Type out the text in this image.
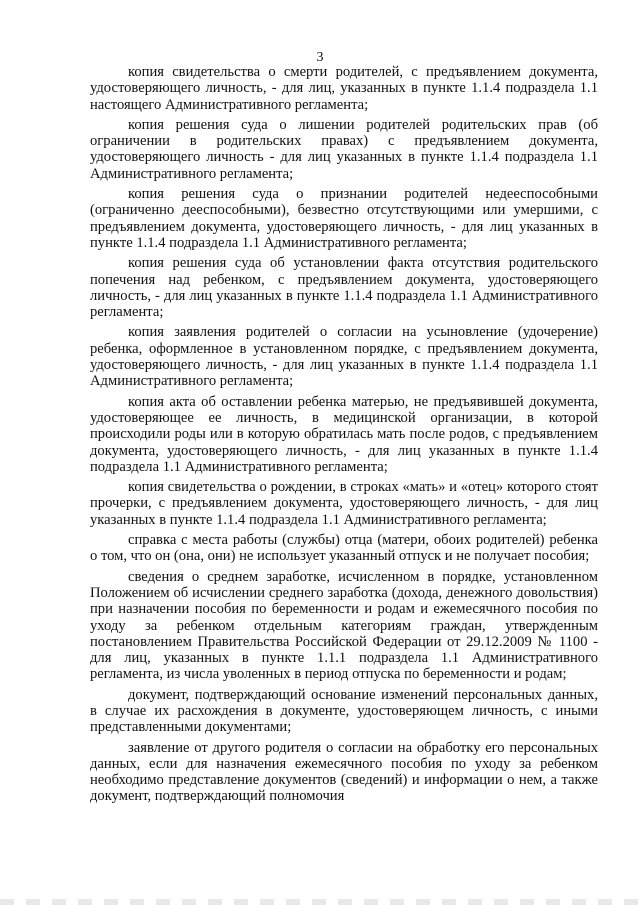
3

копия свидетельства о смерти родителей, с предъявлением документа, удостоверяющего личность, - для лиц, указанных в пункте 1.1.4 подраздела 1.1 настоящего Административного регламента;

копия решения суда о лишении родителей родительских прав (об ограничении в родительских правах) с предъявлением документа, удостоверяющего личность - для лиц указанных в пункте 1.1.4 подраздела 1.1 Административного регламента;

копия решения суда о признании родителей недееспособными (ограниченно дееспособными), безвестно отсутствующими или умершими, с предъявлением документа, удостоверяющего личность, - для лиц указанных в пункте 1.1.4 подраздела 1.1 Административного регламента;

копия решения суда об установлении факта отсутствия родительского попечения над ребенком, с предъявлением документа, удостоверяющего личность, - для лиц указанных в пункте 1.1.4 подраздела 1.1 Административного регламента;

копия заявления родителей о согласии на усыновление (удочерение) ребенка, оформленное в установленном порядке, с предъявлением документа, удостоверяющего личность, - для лиц указанных в пункте 1.1.4 подраздела 1.1 Административного регламента;

копия акта об оставлении ребенка матерью, не предъявившей документа, удостоверяющее ее личность, в медицинской организации, в которой происходили роды или в которую обратилась мать после родов, с предъявлением документа, удостоверяющего личность, - для лиц указанных в пункте 1.1.4 подраздела 1.1 Административного регламента;

копия свидетельства о рождении, в строках «мать» и «отец» которого стоят прочерки, с предъявлением документа, удостоверяющего личность, - для лиц указанных в пункте 1.1.4 подраздела 1.1 Административного регламента;

справка с места работы (службы) отца (матери, обоих родителей) ребенка о том, что он (она, они) не использует указанный отпуск и не получает пособия;

сведения о среднем заработке, исчисленном в порядке, установленном Положением об исчислении среднего заработка (дохода, денежного довольствия) при назначении пособия по беременности и родам и ежемесячного пособия по уходу за ребенком отдельным категориям граждан, утвержденным постановлением Правительства Российской Федерации от 29.12.2009 № 1100 - для лиц, указанных в пункте 1.1.1 подраздела 1.1 Административного регламента, из числа уволенных в период отпуска по беременности и родам;

документ, подтверждающий основание изменений персональных данных, в случае их расхождения в документе, удостоверяющем личность, с иными представленными документами;

заявление от другого родителя о согласии на обработку его персональных данных, если для назначения ежемесячного пособия по уходу за ребенком необходимо представление документов (сведений) и информации о нем, а также документ, подтверждающий полномочия
